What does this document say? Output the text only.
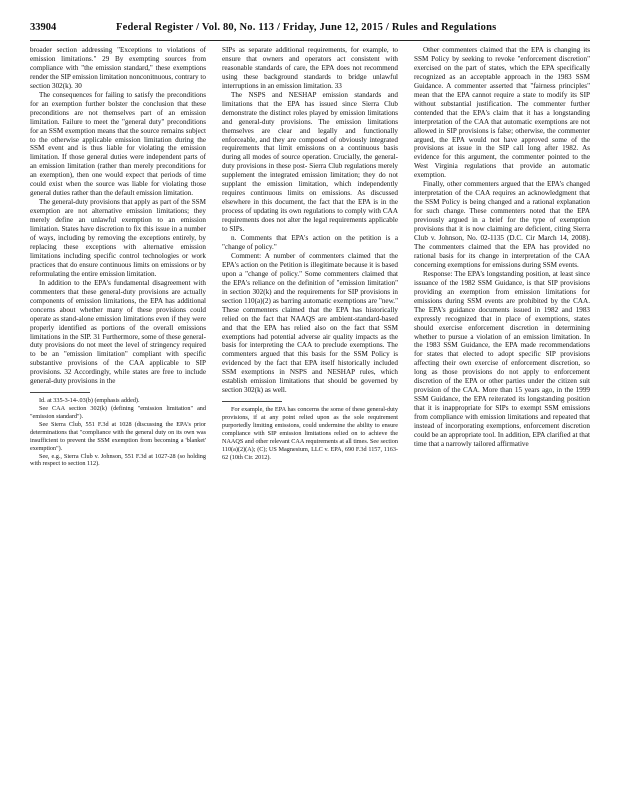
33904	Federal Register / Vol. 80, No. 113 / Friday, June 12, 2015 / Rules and Regulations

broader section addressing "Exceptions to violations of emission limitations." 29 By exempting sources from compliance with "the emission standard," these exemptions render the SIP emission limitation nonconitnuous, contrary to section 302(k). 30

The consequences for failing to satisfy the preconditions for an exemption further bolster the conclusion that these preconditions are not themselves part of an emission limitation. Failure to meet the "general duty" preconditions for an SSM exemption means that the source remains subject to the otherwise applicable emission limitation during the SSM event and is thus liable for violating the emission limitation. If those general duties were independent parts of an emission limitation (rather than merely preconditions for an exemption), then one would expect that periods of time could exist when the source was liable for violating those general duties rather than the default emission limitation.

The general-duty provisions that apply as part of the SSM exemption are not alternative emission limitations; they merely define an unlawful exemption to an emission limitation. States have discretion to fix this issue in a number of ways, including by removing the exceptions entirely, by replacing these exceptions with alternative emission limitations including specific control technologies or work practices that do ensure continuous limits on emissions or by reformulating the entire emission limitation.

In addition to the EPA's fundamental disagreement with commenters that these general-duty provisions are actually components of emission limitations, the EPA has additional concerns about whether many of these provisions could operate as stand-alone emission limitations even if they were properly identified as portions of the overall emissions limitations in the SIP. 31 Furthermore, some of these general-duty provisions do not meet the level of stringency required to be an "emission limitation" compliant with specific substantive provisions of the CAA applicable to SIP provisions. 32 Accordingly, while states are free to include general-duty provisions in the

Id. at 335-3-14-.03(b) (emphasis added).

See CAA section 302(k) (defining "emission limitation" and "emission standard").

See Sierra Club, 551 F.3d at 1028 (discussing the EPA's prior determinations that "compliance with the general duty on its own was insufficient to prevent the SSM exemption from becoming a 'blanket' exemption").

See, e.g., Sierra Club v. Johnson, 551 F.3d at 1027-28 (so holding with respect to section 112).

SIPs as separate additional requirements, for example, to ensure that owners and operators act consistent with reasonable standards of care, the EPA does not recommend using these background standards to bridge unlawful interruptions in an emission limitation. 33

The NSPS and NESHAP emission standards and limitations that the EPA has issued since Sierra Club demonstrate the distinct roles played by emission limitations and general-duty provisions. The emission limitations themselves are clear and legally and functionally enforceable, and they are composed of obviously integrated requirements that limit emissions on a continuous basis during all modes of source operation. Crucially, the general-duty provisions in these post- Sierra Club regulations merely supplement the integrated emission limitation; they do not supplant the emission limitation, which independently requires continuous limits on emissions. As discussed elsewhere in this document, the fact that the EPA is in the process of updating its own regulations to comply with CAA requirements does not alter the legal requirements applicable to SIPs.

n. Comments that EPA's action on the petition is a "change of policy."

Comment: A number of commenters claimed that the EPA's action on the Petition is illegitimate because it is based upon a "change of policy." Some commenters claimed that the EPA's reliance on the definition of "emission limitation" in section 302(k) and the requirements for SIP provisions in section 110(a)(2) as barring automatic exemptions are "new." These commenters claimed that the EPA has historically relied on the fact that NAAQS are ambient-standard-based and that the EPA has relied also on the fact that SSM exemptions had potential adverse air quality impacts as the basis for interpreting the CAA to preclude exemptions. The commenters argued that this basis for the SSM Policy is evidenced by the fact that EPA itself historically included SSM exemptions in NSPS and NESHAP rules, which establish emission limitations that should be governed by section 302(k) as well.

For example, the EPA has concerns the some of these general-duty provisions, if at any point relied upon as the sole requirement purportedly limiting emissions, could undermine the ability to ensure compliance with SIP emission limitations relied on to achieve the NAAQS and other relevant CAA requirements at all times. See section 110(a)(2)(A); (C); US Magnesium, LLC v. EPA, 690 F.3d 1157, 1163-62 (10th Cir. 2012).

Other commenters claimed that the EPA is changing its SSM Policy by seeking to revoke "enforcement discretion" exercised on the part of states, which the EPA specifically recognized as an acceptable approach in the 1983 SSM Guidance. A commenter asserted that "fairness principles" mean that the EPA cannot require a state to modify its SIP without substantial justification. The commenter further contended that the EPA's claim that it has a longstanding interpretation of the CAA that automatic exemptions are not allowed in SIP provisions is false; otherwise, the commenter argued, the EPA would not have approved some of the provisions at issue in the SIP call long after 1982. As evidence for this argument, the commenter pointed to the West Virginia regulations that provide an automatic exemption.

Finally, other commenters argued that the EPA's changed interpretation of the CAA requires an acknowledgment that the SSM Policy is being changed and a rational explanation for such change. These commenters noted that the EPA previously argued in a brief for the type of exemption provisions that it is now claiming are deficient, citing Sierra Club v. Johnson, No. 02-1135 (D.C. Cir March 14, 2008). The commenters claimed that the EPA has provided no rational basis for its change in interpretation of the CAA concerning exemptions for emissions during SSM events.

Response: The EPA's longstanding position, at least since issuance of the 1982 SSM Guidance, is that SIP provisions providing an exemption from emission limitations for emissions during SSM events are prohibited by the CAA. The EPA's guidance documents issued in 1982 and 1983 expressly recognized that in place of exemptions, states should exercise enforcement discretion in determining whether to pursue a violation of an emission limitation. In the 1983 SSM Guidance, the EPA made recommendations for states that elected to adopt specific SIP provisions affecting their own exercise of enforcement discretion, so long as those provisions do not apply to enforcement discretion of the EPA or other parties under the citizen suit provision of the CAA. More than 15 years ago, in the 1999 SSM Guidance, the EPA reiterated its longstanding position that it is inappropriate for SIPs to exempt SSM emissions from compliance with emission limitations and repeated that instead of incorporating exemptions, enforcement discretion could be an appropriate tool. In addition, EPA clarified at that time that a narrowly tailored affirmative
